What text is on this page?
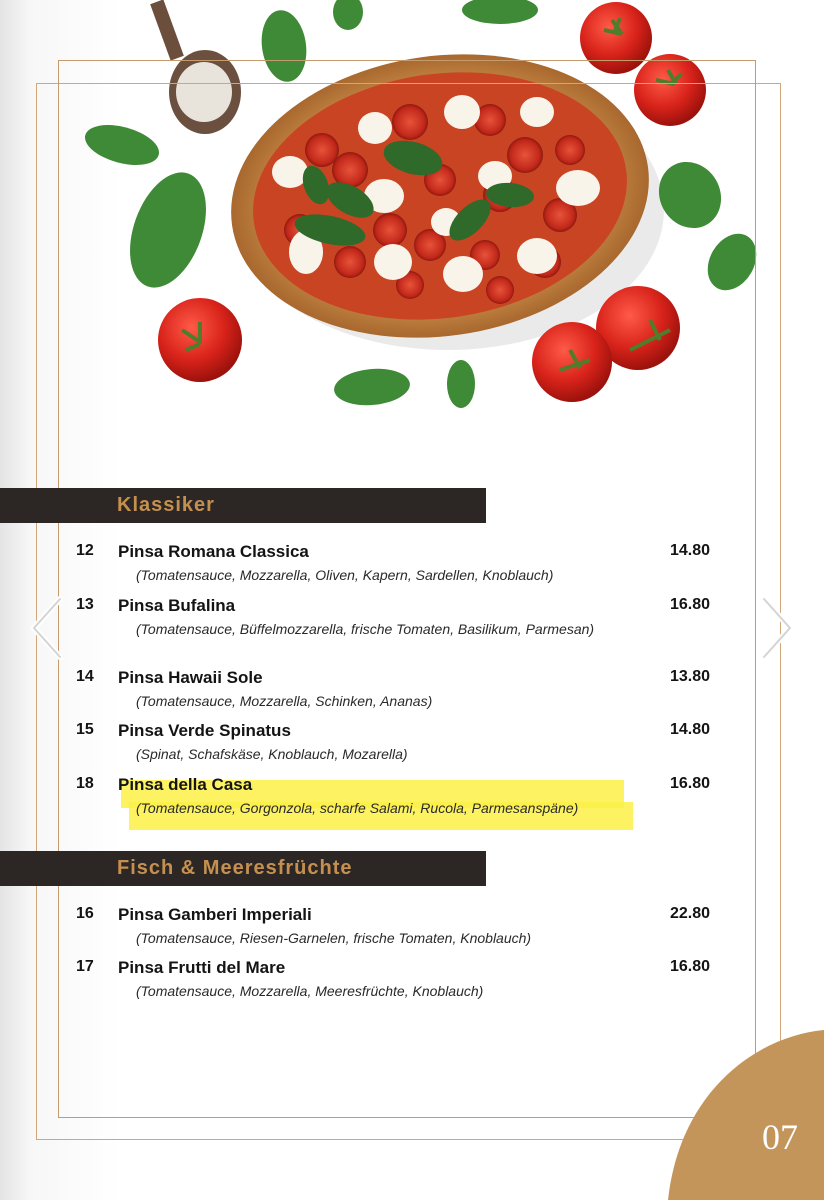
Klassiker
12 Pinsa Romana Classica	14.80
(Tomatensauce, Mozzarella, Oliven, Kapern, Sardellen, Knoblauch)
13 Pinsa Bufalina	16.80
(Tomatensauce, Büffelmozzarella, frische Tomaten, Basilikum, Parmesan)
14 Pinsa Hawaii Sole	13.80
(Tomatensauce, Mozzarella, Schinken, Ananas)
15 Pinsa Verde Spinatus	14.80
(Spinat, Schafskäse, Knoblauch, Mozarella)
18 Pinsa della Casa	16.80
(Tomatensauce, Gorgonzola, scharfe Salami, Rucola, Parmesanspäne)
Fisch & Meeresfrüchte
16 Pinsa Gamberi Imperiali	22.80
(Tomatensauce, Riesen-Garnelen, frische Tomaten, Knoblauch)
17 Pinsa Frutti del Mare	16.80
(Tomatensauce, Mozzarella, Meeresfrüchte, Knoblauch)
07
